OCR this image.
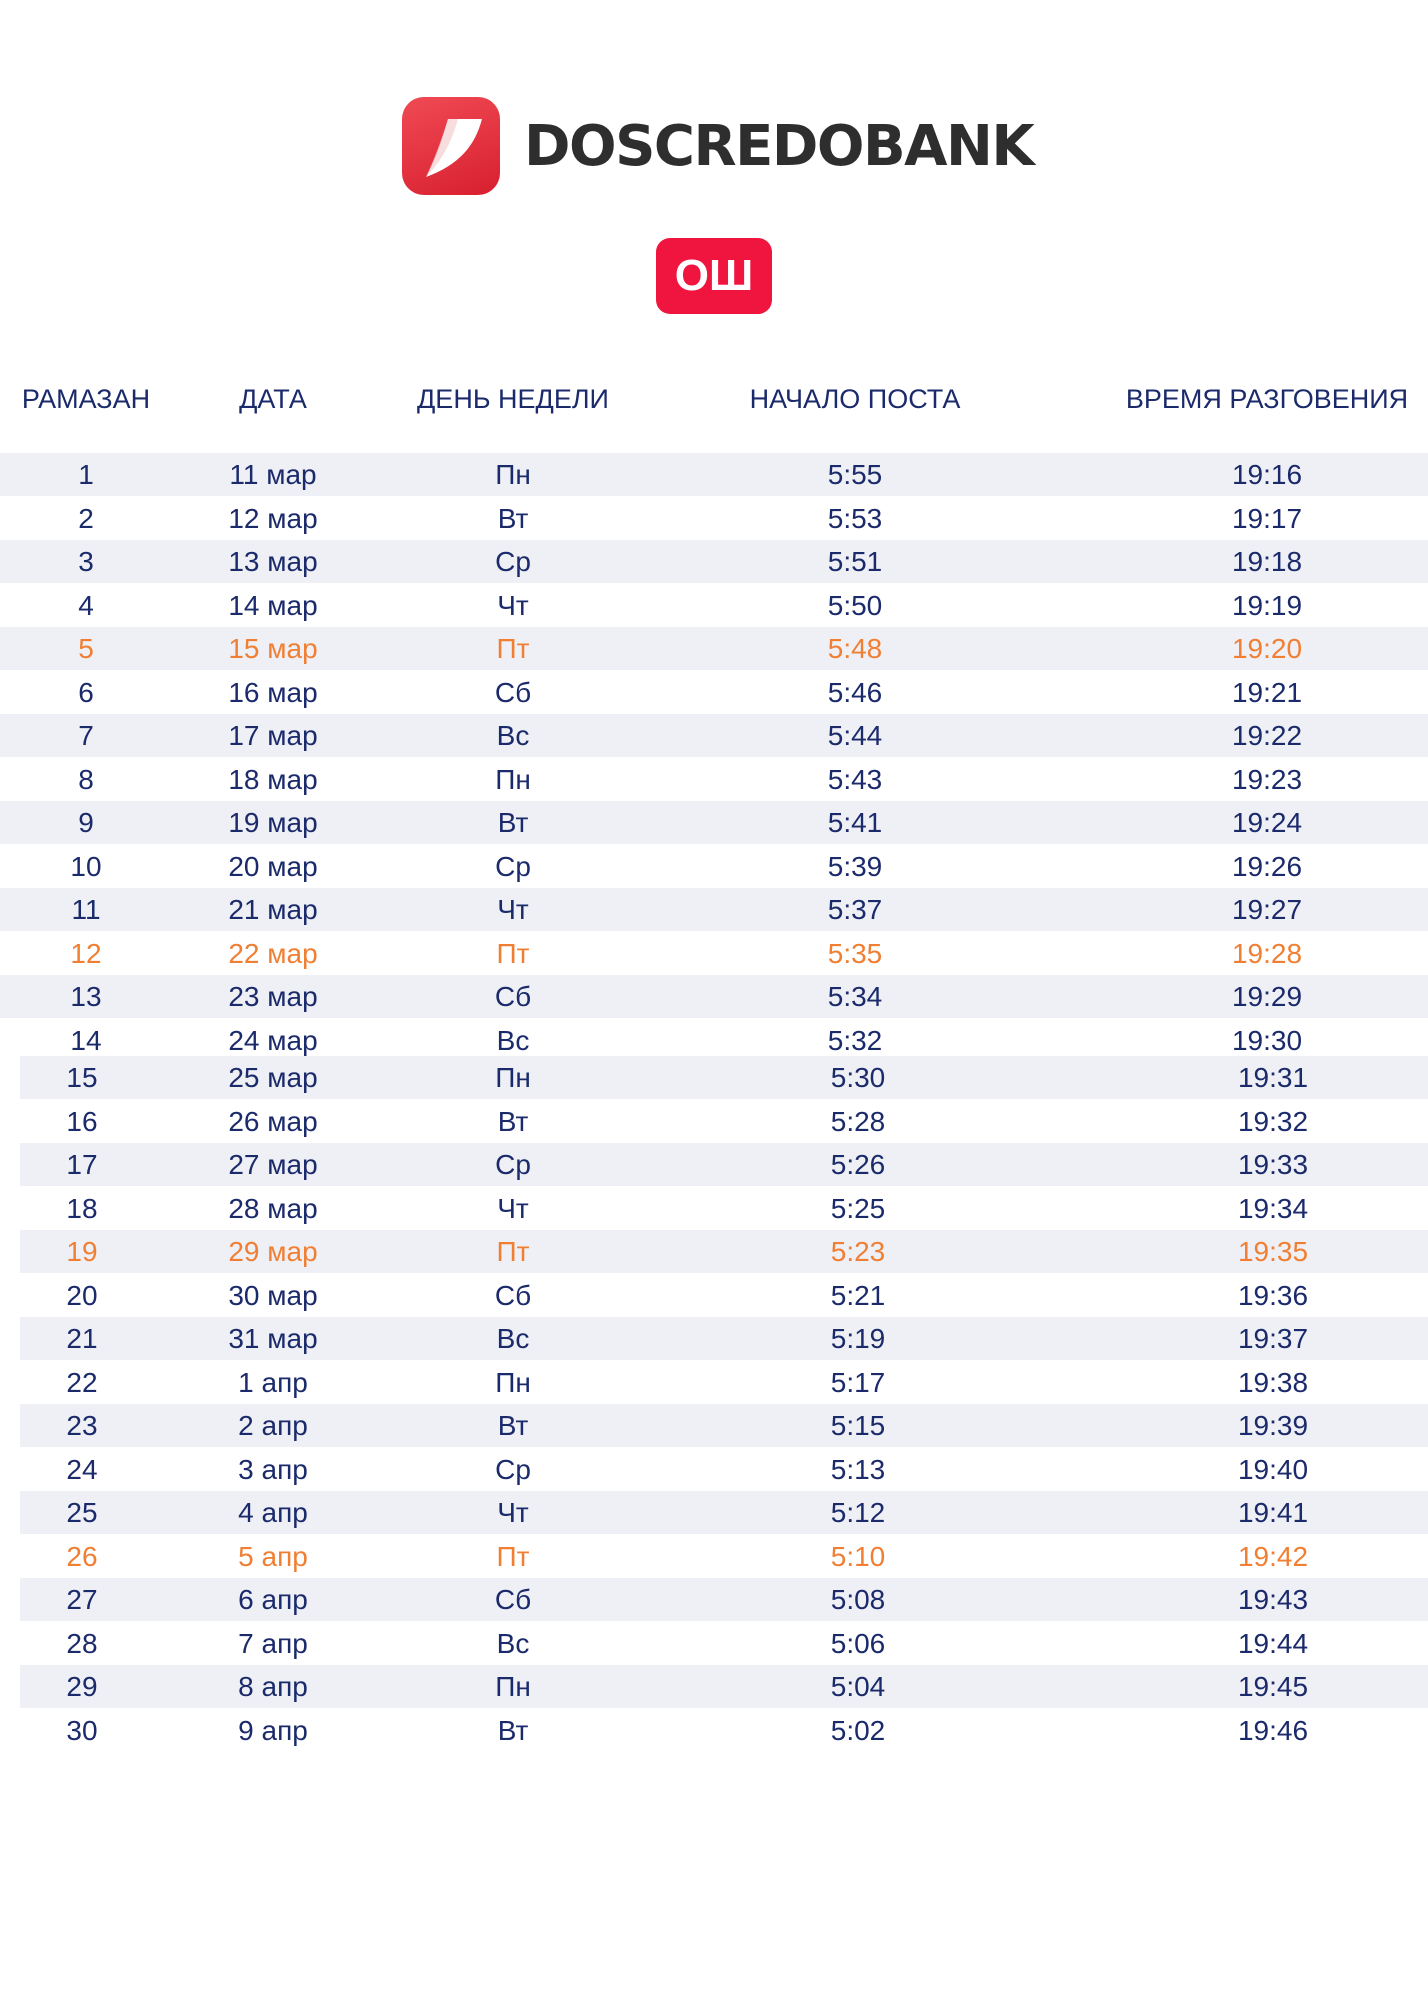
DOSCREDOBANK
ОШ
РАМАЗАН	ДАТА	ДЕНЬ НЕДЕЛИ	НАЧАЛО ПОСТА	ВРЕМЯ РАЗГОВЕНИЯ
1	11 мар	Пн	5:55	19:16
2	12 мар	Вт	5:53	19:17
3	13 мар	Ср	5:51	19:18
4	14 мар	Чт	5:50	19:19
5	15 мар	Пт	5:48	19:20
6	16 мар	Сб	5:46	19:21
7	17 мар	Вс	5:44	19:22
8	18 мар	Пн	5:43	19:23
9	19 мар	Вт	5:41	19:24
10	20 мар	Ср	5:39	19:26
11	21 мар	Чт	5:37	19:27
12	22 мар	Пт	5:35	19:28
13	23 мар	Сб	5:34	19:29
14	24 мар	Вс	5:32	19:30
15	25 мар	Пн	5:30	19:31
16	26 мар	Вт	5:28	19:32
17	27 мар	Ср	5:26	19:33
18	28 мар	Чт	5:25	19:34
19	29 мар	Пт	5:23	19:35
20	30 мар	Сб	5:21	19:36
21	31 мар	Вс	5:19	19:37
22	1 апр	Пн	5:17	19:38
23	2 апр	Вт	5:15	19:39
24	3 апр	Ср	5:13	19:40
25	4 апр	Чт	5:12	19:41
26	5 апр	Пт	5:10	19:42
27	6 апр	Сб	5:08	19:43
28	7 апр	Вс	5:06	19:44
29	8 апр	Пн	5:04	19:45
30	9 апр	Вт	5:02	19:46
